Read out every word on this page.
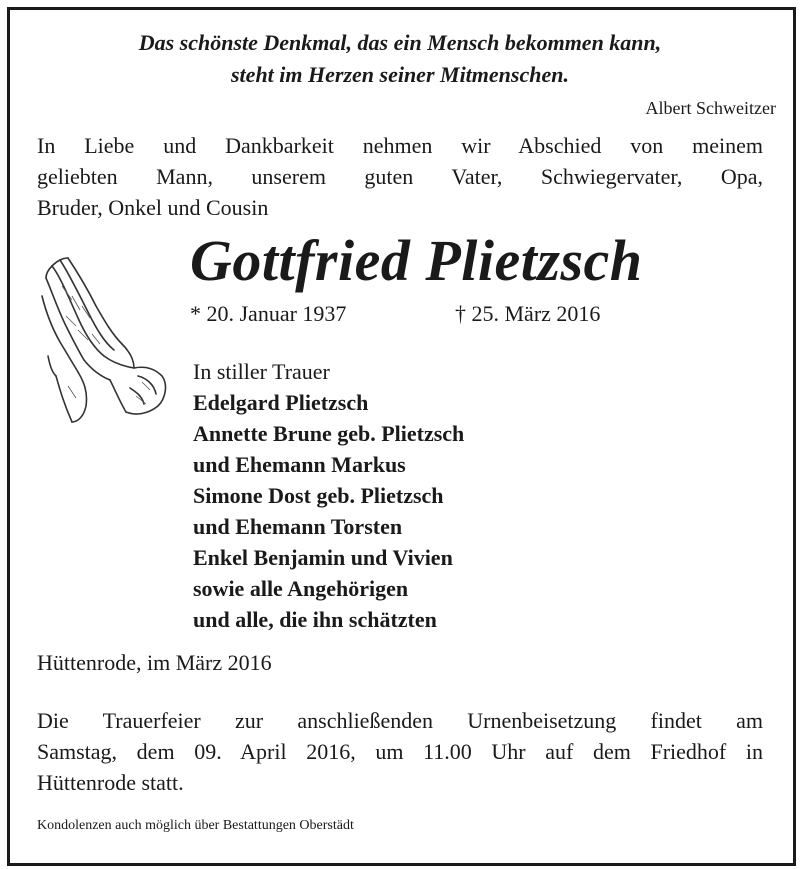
Das schönste Denkmal, das ein Mensch bekommen kann,
steht im Herzen seiner Mitmenschen.
Albert Schweitzer
In Liebe und Dankbarkeit nehmen wir Abschied von meinem
geliebten Mann, unserem guten Vater, Schwiegervater, Opa,
Bruder, Onkel und Cousin
Gottfried Plietzsch
* 20. Januar 1937	† 25. März 2016
In stiller Trauer
Edelgard Plietzsch
Annette Brune geb. Plietzsch
und Ehemann Markus
Simone Dost geb. Plietzsch
und Ehemann Torsten
Enkel Benjamin und Vivien
sowie alle Angehörigen
und alle, die ihn schätzten
Hüttenrode, im März 2016
Die Trauerfeier zur anschließenden Urnenbeisetzung findet am
Samstag, dem 09. April 2016, um 11.00 Uhr auf dem Friedhof in
Hüttenrode statt.
Kondolenzen auch möglich über Bestattungen Oberstädt
